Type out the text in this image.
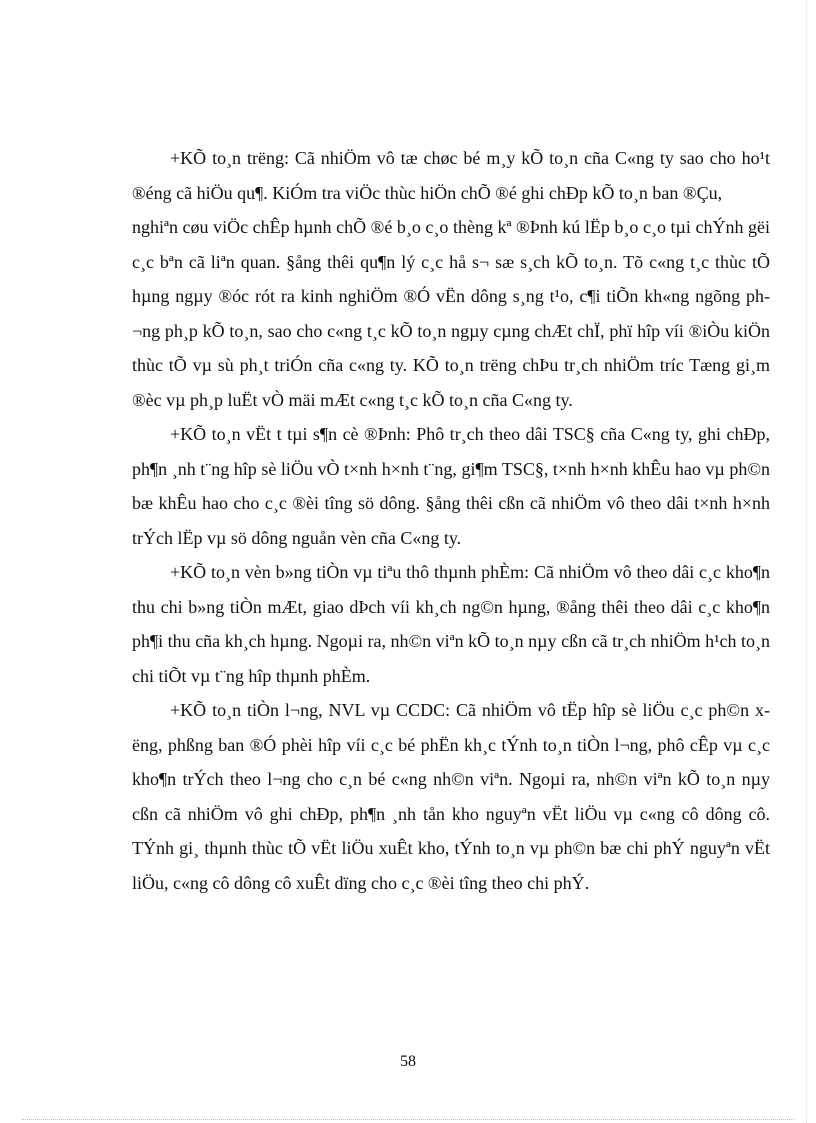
+KÕ to¸n trëng: Cã nhiÖm vô tæ chøc bé m¸y kÕ to¸n cña C«ng ty sao cho ho¹t ®éng cã hiÖu qu¶. KiÓm tra viÖc thùc hiÖn chÕ ®é ghi chÐp kÕ to¸n ban ®Çu,

nghiªn cøu viÖc chÊp hµnh chÕ ®é b¸o c¸o thèng kª ®Þnh kú lËp b¸o c¸o tµi chÝnh gëi c¸c bªn cã liªn quan. §ång thêi qu¶n lý c¸c hå s¬ sæ s¸ch kÕ to¸n. Tõ c«ng t¸c thùc tÕ hµng ngµy ®óc rót ra kinh nghiÖm ®Ó vËn dông s¸ng t¹o, c¶i tiÕn kh«ng ngõng ph¬ng ph¸p kÕ to¸n, sao cho c«ng t¸c kÕ to¸n ngµy cµng chÆt chÏ, phï hîp víi ®iÒu kiÖn thùc tÕ vµ sù ph¸t triÓn cña c«ng ty. KÕ to¸n trëng chÞu tr¸ch nhiÖm tríc Tæng gi¸m ®èc vµ ph¸p luËt vÒ mäi mÆt c«ng t¸c kÕ to¸n cña C«ng ty.

+KÕ to¸n vËt t tµi s¶n cè ®Þnh: Phô tr¸ch theo dâi TSC§ cña C«ng ty, ghi chÐp, ph¶n ¸nh t¨ng hîp sè liÖu vÒ t×nh h×nh t¨ng, gi¶m TSC§, t×nh h×nh khÊu hao vµ ph©n bæ khÊu hao cho c¸c ®èi tîng sö dông. §ång thêi cßn cã nhiÖm vô theo dâi t×nh h×nh trÝch lËp vµ sö dông nguån vèn cña C«ng ty.

+KÕ to¸n vèn b»ng tiÒn vµ tiªu thô thµnh phÈm: Cã nhiÖm vô theo dâi c¸c kho¶n thu chi b»ng tiÒn mÆt, giao dÞch víi kh¸ch ng©n hµng, ®ång thêi theo dâi c¸c kho¶n ph¶i thu cña kh¸ch hµng. Ngoµi ra, nh©n viªn kÕ to¸n nµy cßn cã tr¸ch nhiÖm h¹ch to¸n chi tiÕt vµ t¨ng hîp thµnh phÈm.

+KÕ to¸n tiÒn l¬ng, NVL vµ CCDC: Cã nhiÖm vô tËp hîp sè liÖu c¸c ph©n xëng, phßng ban ®Ó phèi hîp víi c¸c bé phËn kh¸c tÝnh to¸n tiÒn l¬ng, phô cÊp vµ c¸c kho¶n trÝch theo l¬ng cho c¸n bé c«ng nh©n viªn. Ngoµi ra, nh©n viªn kÕ to¸n nµy cßn cã nhiÖm vô ghi chÐp, ph¶n ¸nh tån kho nguyªn vËt liÖu vµ c«ng cô dông cô. TÝnh gi¸ thµnh thùc tÕ vËt liÖu xuÊt kho, tÝnh to¸n vµ ph©n bæ chi phÝ nguyªn vËt liÖu, c«ng cô dông cô xuÊt dïng cho c¸c ®èi tîng theo chi phÝ.

58
